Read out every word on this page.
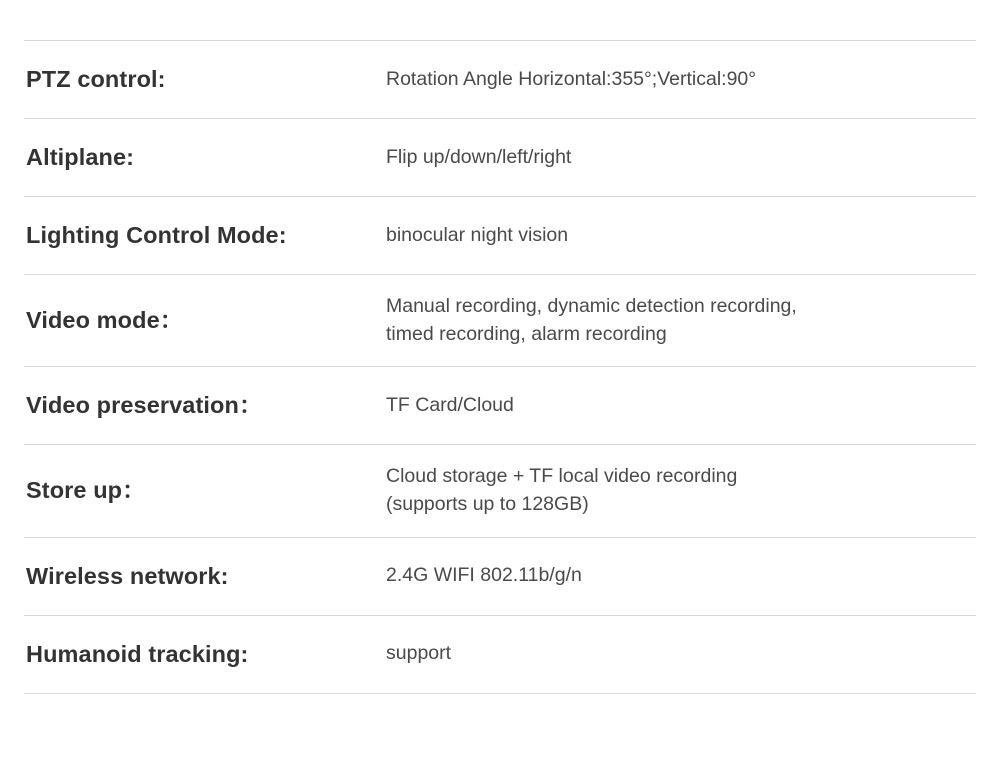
PTZ control:	Rotation Angle Horizontal:355°;Vertical:90°

Altiplane:	Flip up/down/left/right

Lighting Control Mode:	binocular night vision

Video mode：	Manual recording, dynamic detection recording,
timed recording, alarm recording

Video preservation：	TF Card/Cloud

Store up：	Cloud storage + TF local video recording
(supports up to 128GB)

Wireless network:	2.4G WIFI 802.11b/g/n

Humanoid tracking:	support
